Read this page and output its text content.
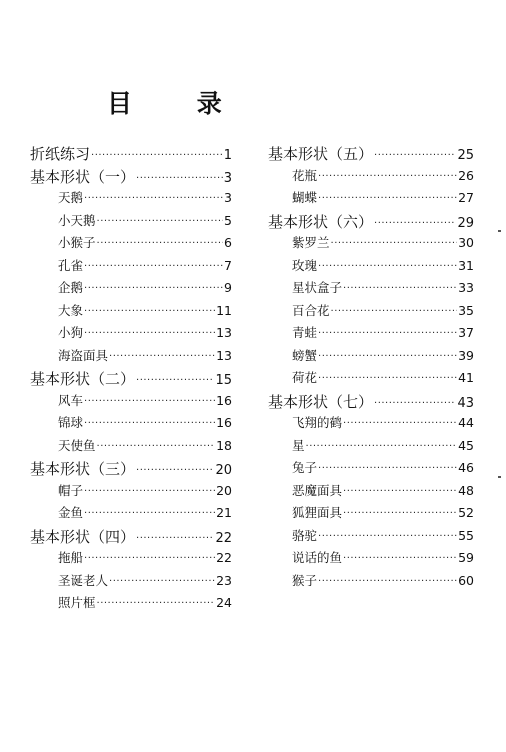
目 录
折纸练习 ·····	1
基本形状（一） ·····	3
天鹅 ·····	3
小天鹅 ·····	5
小猴子 ·····	6
孔雀 ·····	7
企鹅 ·····	9
大象 ·····	11
小狗 ·····	13
海盗面具 ·····	13
基本形状（二） ·····	15
风车 ·····	16
锦球 ·····	16
天使鱼 ·····	18
基本形状（三） ·····	20
帽子 ·····	20
金鱼 ·····	21
基本形状（四） ·····	22
拖船 ·····	22
圣诞老人 ·····	23
照片框 ·····	24
基本形状（五） ·····	25
花瓶 ·····	26
蝴蝶 ·····	27
基本形状（六） ·····	29
紫罗兰 ·····	30
玫瑰 ·····	31
星状盒子 ·····	33
百合花 ·····	35
青蛙 ·····	37
螃蟹 ·····	39
荷花 ·····	41
基本形状（七） ·····	43
飞翔的鹤 ·····	44
星 ·····	45
兔子 ·····	46
恶魔面具 ·····	48
狐狸面具 ·····	52
骆驼 ·····	55
说话的鱼 ·····	59
猴子 ·····	60
